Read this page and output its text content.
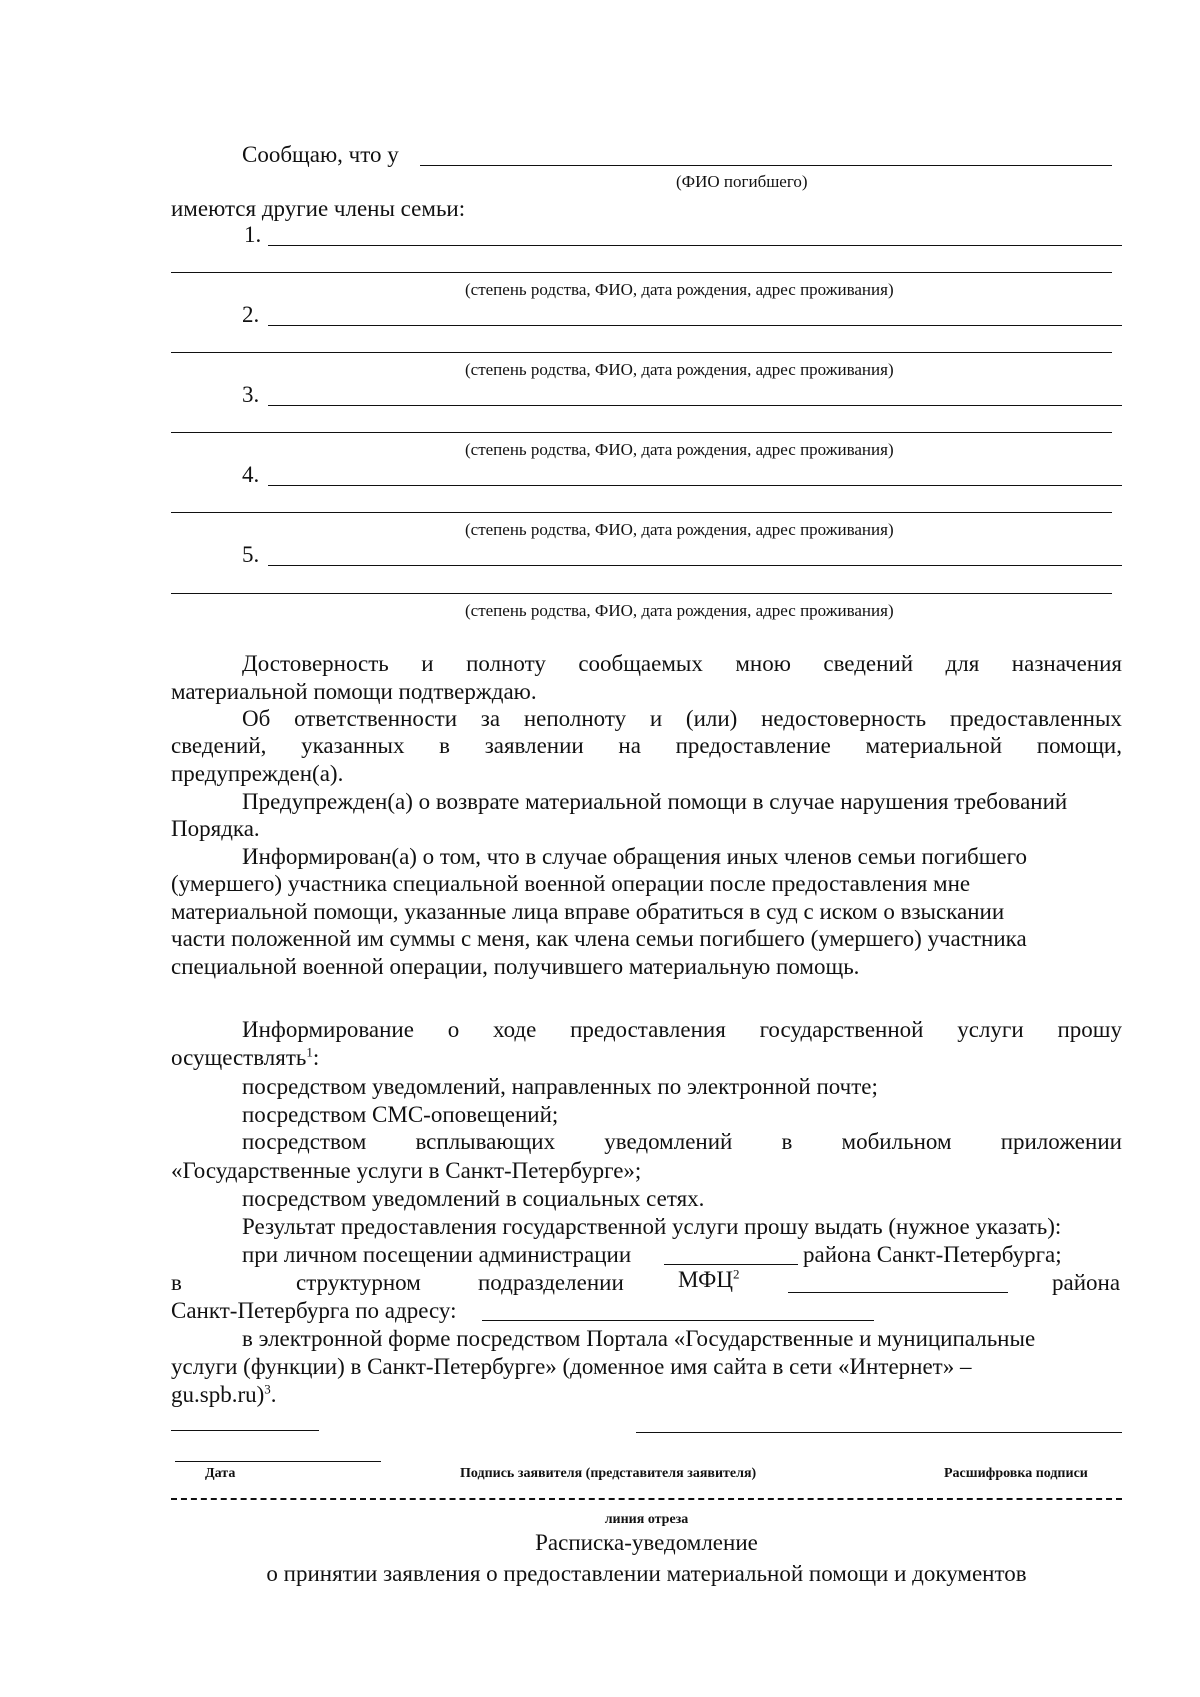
Сообщаю, что у
(ФИО погибшего)
имеются другие члены семьи:
1.
(степень родства, ФИО, дата рождения, адрес проживания)
2.
(степень родства, ФИО, дата рождения, адрес проживания)
3.
(степень родства, ФИО, дата рождения, адрес проживания)
4.
(степень родства, ФИО, дата рождения, адрес проживания)
5.
(степень родства, ФИО, дата рождения, адрес проживания)
Достоверность и полноту сообщаемых мною сведений для назначения
материальной помощи подтверждаю.
Об ответственности за неполноту и (или) недостоверность предоставленных
сведений, указанных в заявлении на предоставление материальной помощи,
предупрежден(а).
Предупрежден(а) о возврате материальной помощи в случае нарушения требований
Порядка.
Информирован(а) о том, что в случае обращения иных членов семьи погибшего
(умершего) участника специальной военной операции после предоставления мне
материальной помощи, указанные лица вправе обратиться в суд с иском о взыскании
части положенной им суммы с меня, как члена семьи погибшего (умершего) участника
специальной военной операции, получившего материальную помощь.
Информирование о ходе предоставления государственной услуги прошу
осуществлять$^1$:
посредством уведомлений, направленных по электронной почте;
посредством СМС-оповещений;
посредством всплывающих уведомлений в мобильном приложении
«Государственные услуги в Санкт-Петербурге»;
посредством уведомлений в социальных сетях.
Результат предоставления государственной услуги прошу выдать (нужное указать):
при личном посещении администрации	района Санкт-Петербурга;
в	структурном подразделении МФЦ$^2$	района
Санкт-Петербурга по адресу:
в электронной форме посредством Портала «Государственные и муниципальные
услуги (функции) в Санкт-Петербурге» (доменное имя сайта в сети «Интернет» –
gu.spb.ru)$^3$.
Дата	Подпись заявителя (представителя заявителя)	Расшифровка подписи
линия отреза
Расписка-уведомление
о принятии заявления о предоставлении материальной помощи и документов
